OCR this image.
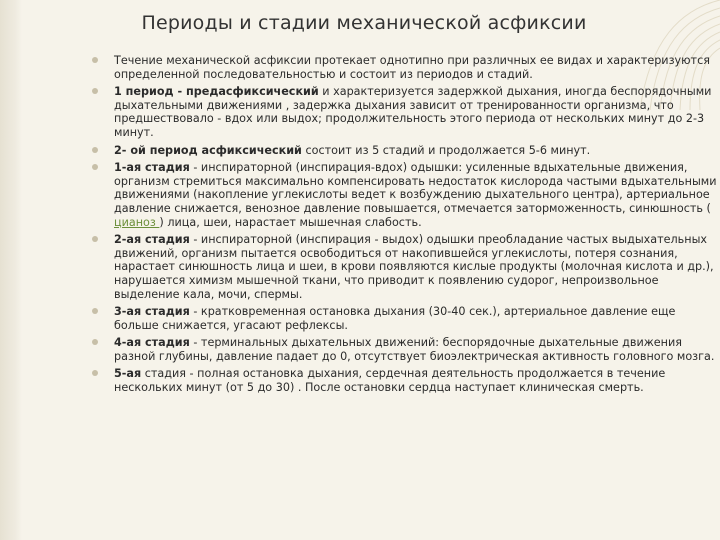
Периоды и стадии механической асфиксии
Течение механической асфиксии протекает однотипно при различных ее видах и характеризуются определенной последовательностью и состоит из периодов и стадий.
1 период - предасфиксический и характеризуется задержкой дыхания, иногда беспорядочными дыхательными движениями , задержка дыхания зависит от тренированности организма, что предшествовало - вдох или выдох; продолжительность этого периода от нескольких минут до 2-3 минут.
2- ой период асфиксический состоит из 5 стадий и продолжается 5-6 минут.
1-ая стадия - инспираторной (инспирация-вдох) одышки: усиленные вдыхательные движения, организм стремиться максимально компенсировать недостаток кислорода частыми вдыхательными движениями (накопление углекислоты ведет к возбуждению дыхательного центра), артериальное давление снижается, венозное давление повышается, отмечается заторможенность, синюшность ( цианоз ) лица, шеи, нарастает мышечная слабость.
2-ая стадия - инспираторной (инспирация - выдох) одышки преобладание частых выдыхательных движений, организм пытается освободиться от накопившейся углекислоты, потеря сознания, нарастает синюшность лица и шеи, в крови появляются кислые продукты (молочная кислота и др.), нарушается химизм мышечной ткани, что приводит к появлению судорог, непроизвольное выделение кала, мочи, спермы.
3-ая стадия - кратковременная остановка дыхания (30-40 сек.), артериальное давление еще больше снижается, угасают рефлексы.
4-ая стадия - терминальных дыхательных движений: беспорядочные дыхательные движения разной глубины, давление падает до 0, отсутствует биоэлектрическая активность головного мозга.
5-ая стадия - полная остановка дыхания, сердечная деятельность продолжается в течение нескольких минут (от 5 до 30) . После остановки сердца наступает клиническая смерть.
